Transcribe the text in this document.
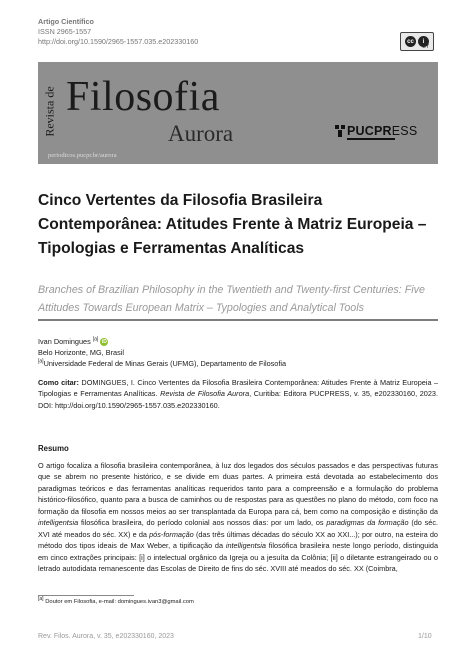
Artigo Científico
ISSN 2965-1557
http://doi.org/10.1590/2965-1557.035.e202330160	cc	i
BY
Revista de Filosofia
Aurora
periodicos.pucpr.br/aurora
PUCPRESS
Cinco Vertentes da Filosofia Brasileira Contemporânea: Atitudes Frente à Matriz Europeia – Tipologias e Ferramentas Analíticas

Branches of Brazilian Philosophy in the Twentieth and Twenty-first Centuries: Five Attitudes Towards European Matrix – Typologies and Analytical Tools

Ivan Domingues [a] iD
Belo Horizonte, MG, Brasil
[a]Universidade Federal de Minas Gerais (UFMG), Departamento de Filosofia

Como citar: DOMINGUES, I. Cinco Vertentes da Filosofia Brasileira Contemporânea: Atitudes Frente à Matriz Europeia – Tipologias e Ferramentas Analíticas. Revista de Filosofia Aurora, Curitiba: Editora PUCPRESS, v. 35, e202330160, 2023. DOI: http://doi.org/10.1590/2965-1557.035.e202330160.

Resumo

O artigo focaliza a filosofia brasileira contemporânea, à luz dos legados dos séculos passados e das perspectivas futuras que se abrem no presente histórico, e se divide em duas partes. A primeira está devotada ao estabelecimento dos paradigmas teóricos e das ferramentas analíticas requeridos tanto para a compreensão e a formulação do problema histórico-filosófico, quanto para a busca de caminhos ou de respostas para as questões no plano do método, com foco na formação da filosofia em nossos meios ao ser transplantada da Europa para cá, bem como na composição e distinção da intelligentsia filosófica brasileira, do período colonial aos nossos dias: por um lado, os paradigmas da formação (do séc. XVI até meados do séc. XX) e da pós-formação (das três últimas décadas do século XX ao XXI...); por outro, na esteira do método dos tipos ideais de Max Weber, a tipificação da intelligentsia filosófica brasileira neste longo período, distinguida em cinco extrações principais: [i] o intelectual orgânico da Igreja ou a jesuíta da Colônia; [ii] o diletante estrangeirado ou o letrado autodidata remanescente das Escolas de Direito de fins do séc. XVIII até meados do séc. XX (Coimbra,

[a] Doutor em Filosofia, e-mail: domingues.ivan3@gmail.com
Rev. Filos. Aurora, v. 35, e202330160, 2023	1/10
